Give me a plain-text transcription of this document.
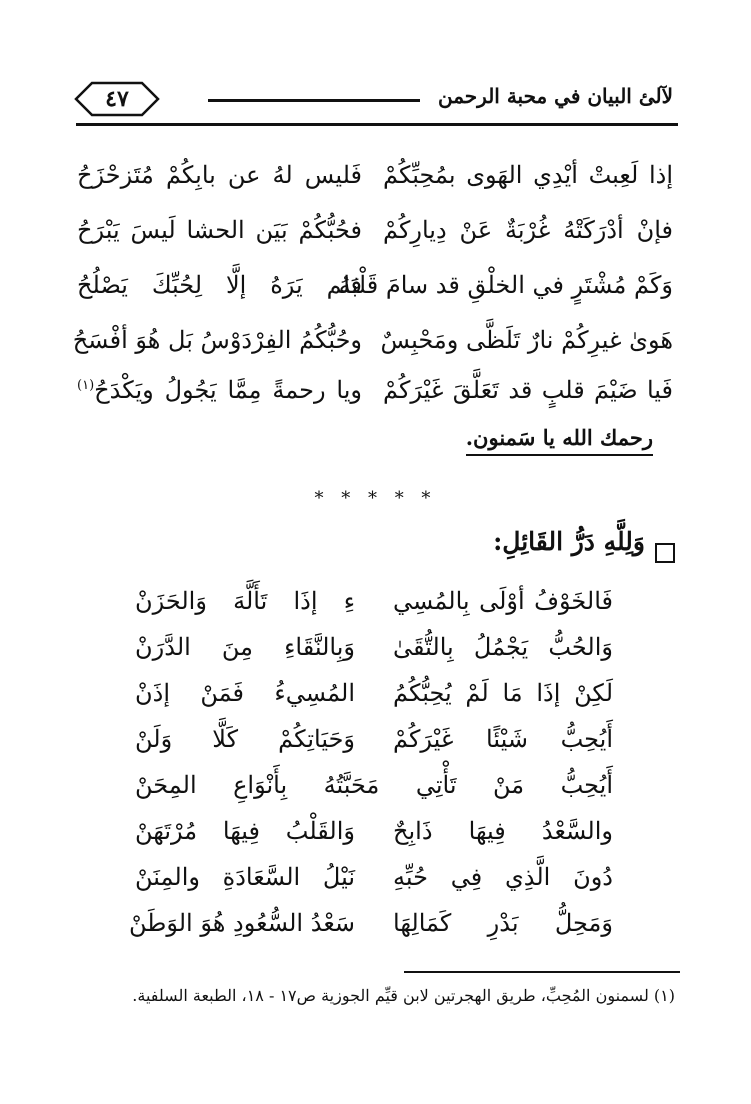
لآلئ البيان في محبة الرحمن
٤٧
إذا لَعِبتْ أيْدِي الهَوى بمُحِبِّكُمْ
فَليس لهُ عن بابِكُمْ مُتَزحْزَحُ
فإنْ أدْرَكَتْهُ غُرْبَةٌ عَنْ دِيارِكُمْ
فحُبُّكُمْ بَيَن الحشا لَيسَ يَبْرَحُ
وَكَمْ مُشْتَرٍ في الخلْقِ قد سامَ قَلْبَهُ
فلم يَرَهُ إلَّا لِحُبِّكَ يَصْلُحُ
هَوىٰ غيرِكُمْ نارٌ تَلَظَّى ومَحْبِسٌ
وحُبُّكُمُ الفِرْدَوْسُ بَل هُوَ أفْسَحُ
فَيا ضَيْمَ قلبٍ قد تَعَلَّقَ غَيْرَكُمْ
ويا رحمةً مِمَّا يَجُولُ ويَكْدَحُ$^{(١)}$
رحمك الله يا سَمنون.
* * * * *
وَلِلَّهِ دَرُّ القَائِلِ:
فَالخَوْفُ أوْلَى بِالمُسِي
ءِ إذَا تَأَلَّهَ وَالحَزَنْ
وَالحُبُّ يَجْمُلُ بِالتُّقَىٰ
وَبِالنَّقَاءِ مِنَ الدَّرَنْ
لَكِنْ إذَا مَا لَمْ يُحِبُّكُمُ
المُسِيءُ فَمَنْ إذَنْ
أَيُحِبُّ شَيْئًا غَيْرَكُمْ
وَحَيَاتِكُمْ كَلَّا وَلَنْ
أَيُحِبُّ مَنْ تَأْتِي مَحَبَّتُهُ بِأَنْوَاعِ المِحَنْ
والسَّعْدُ فِيهَا ذَابِحٌ
وَالقَلْبُ فِيهَا مُرْتَهَنْ
دُونَ الَّذِي فِي حُبِّهِ
نَيْلُ السَّعَادَةِ والمِنَنْ
وَمَحِلُّ بَدْرِ كَمَالِهَا
سَعْدُ السُّعُودِ هُوَ الوَطَنْ
(١) لسمنون المُحِبِّ، طريق الهجرتين لابن قيِّم الجوزية ص١٧ - ١٨، الطبعة السلفية.
